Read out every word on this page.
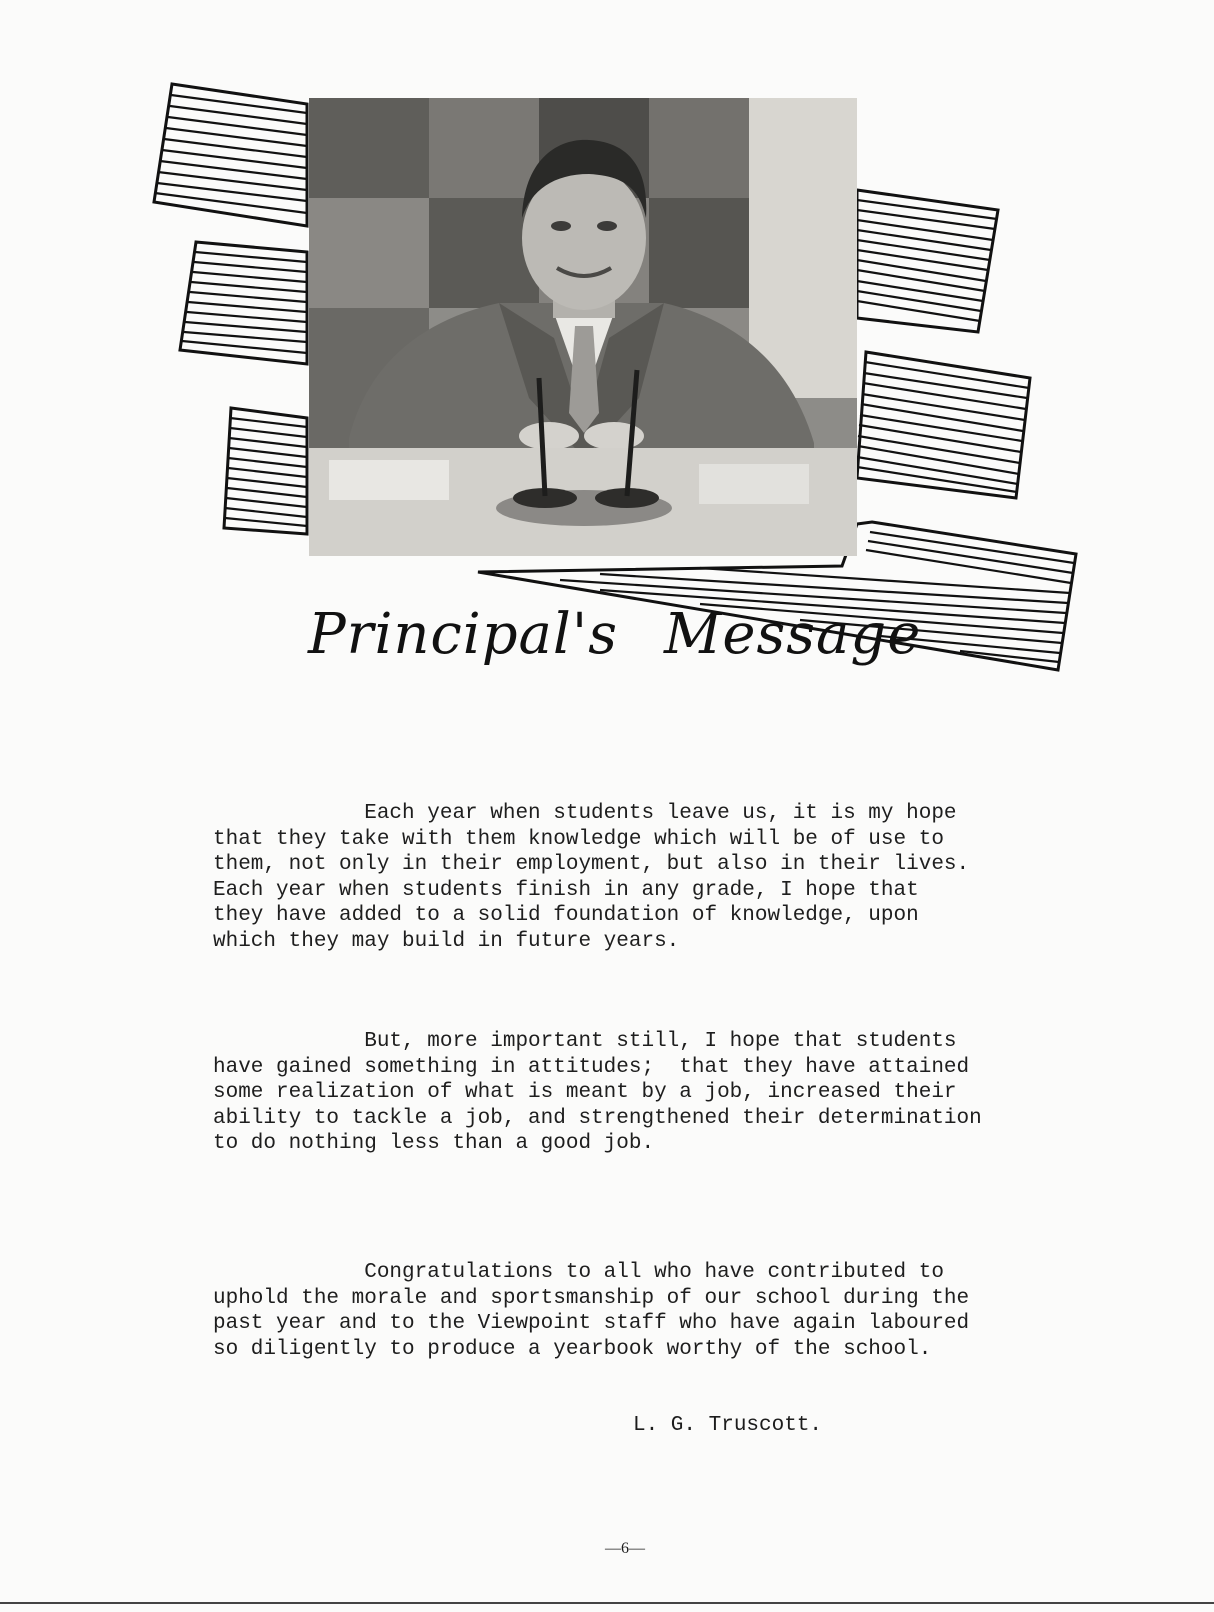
Principal's Message
Each year when students leave us, it is my hope
that they take with them knowledge which will be of use to
them, not only in their employment, but also in their lives.
Each year when students finish in any grade, I hope that
they have added to a solid foundation of knowledge, upon
which they may build in future years.
But, more important still, I hope that students
have gained something in attitudes;  that they have attained
some realization of what is meant by a job, increased their
ability to tackle a job, and strengthened their determination
to do nothing less than a good job.
Congratulations to all who have contributed to
uphold the morale and sportsmanship of our school during the
past year and to the Viewpoint staff who have again laboured
so diligently to produce a yearbook worthy of the school.
L. G. Truscott.
—6—
